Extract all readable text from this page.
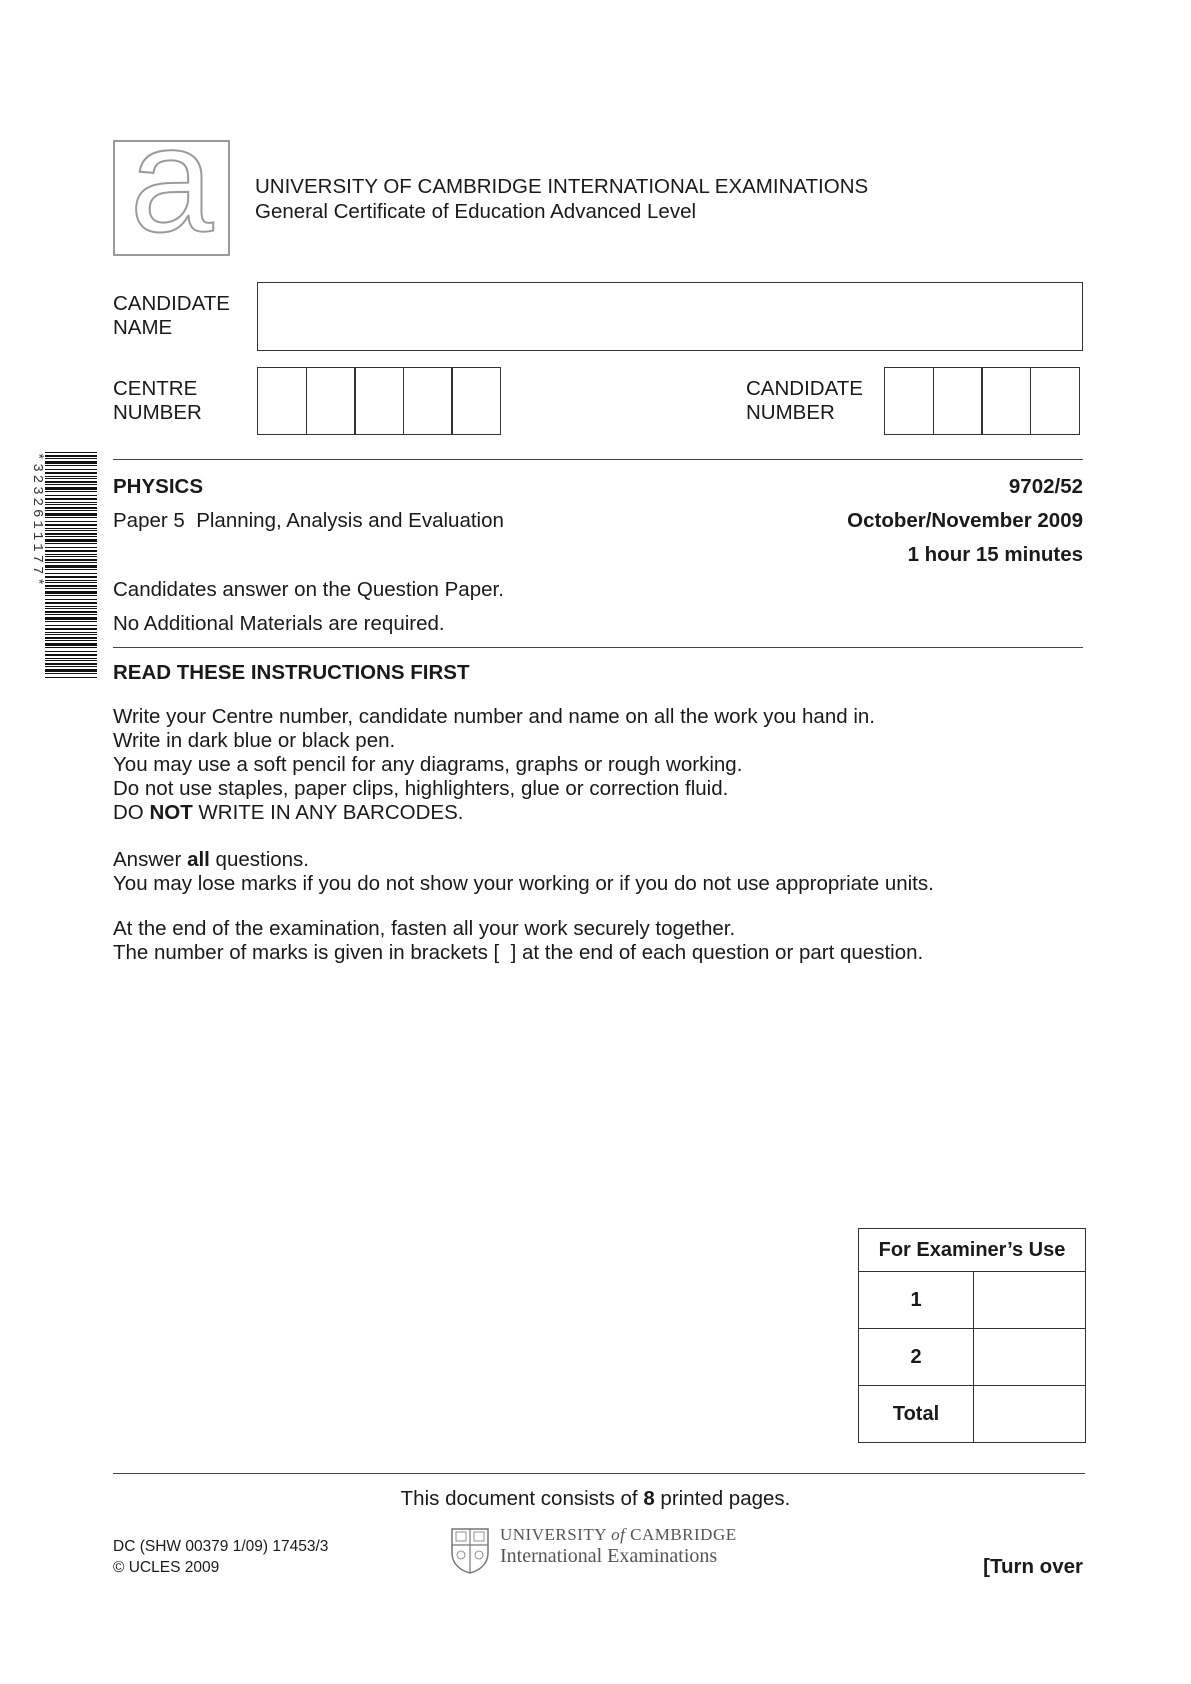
a	UNIVERSITY OF CAMBRIDGE INTERNATIONAL EXAMINATIONS
General Certificate of Education Advanced Level
CANDIDATE
NAME
CENTRE
NUMBER
CANDIDATE
NUMBER
*3232611177*	PHYSICS	9702/52
Paper 5  Planning, Analysis and Evaluation	October/November 2009
1 hour 15 minutes
Candidates answer on the Question Paper.
No Additional Materials are required.
READ THESE INSTRUCTIONS FIRST
Write your Centre number, candidate number and name on all the work you hand in.
Write in dark blue or black pen.
You may use a soft pencil for any diagrams, graphs or rough working.
Do not use staples, paper clips, highlighters, glue or correction fluid.
DO NOT WRITE IN ANY BARCODES.
Answer all questions.
You may lose marks if you do not show your working or if you do not use appropriate units.
At the end of the examination, fasten all your work securely together.
The number of marks is given in brackets [  ] at the end of each question or part question.
For Examiner’s Use	
1	
2	
Total	
This document consists of 8 printed pages.
DC (SHW 00379 1/09) 17453/3
© UCLES 2009
UNIVERSITY of CAMBRIDGE
International Examinations	[Turn over
